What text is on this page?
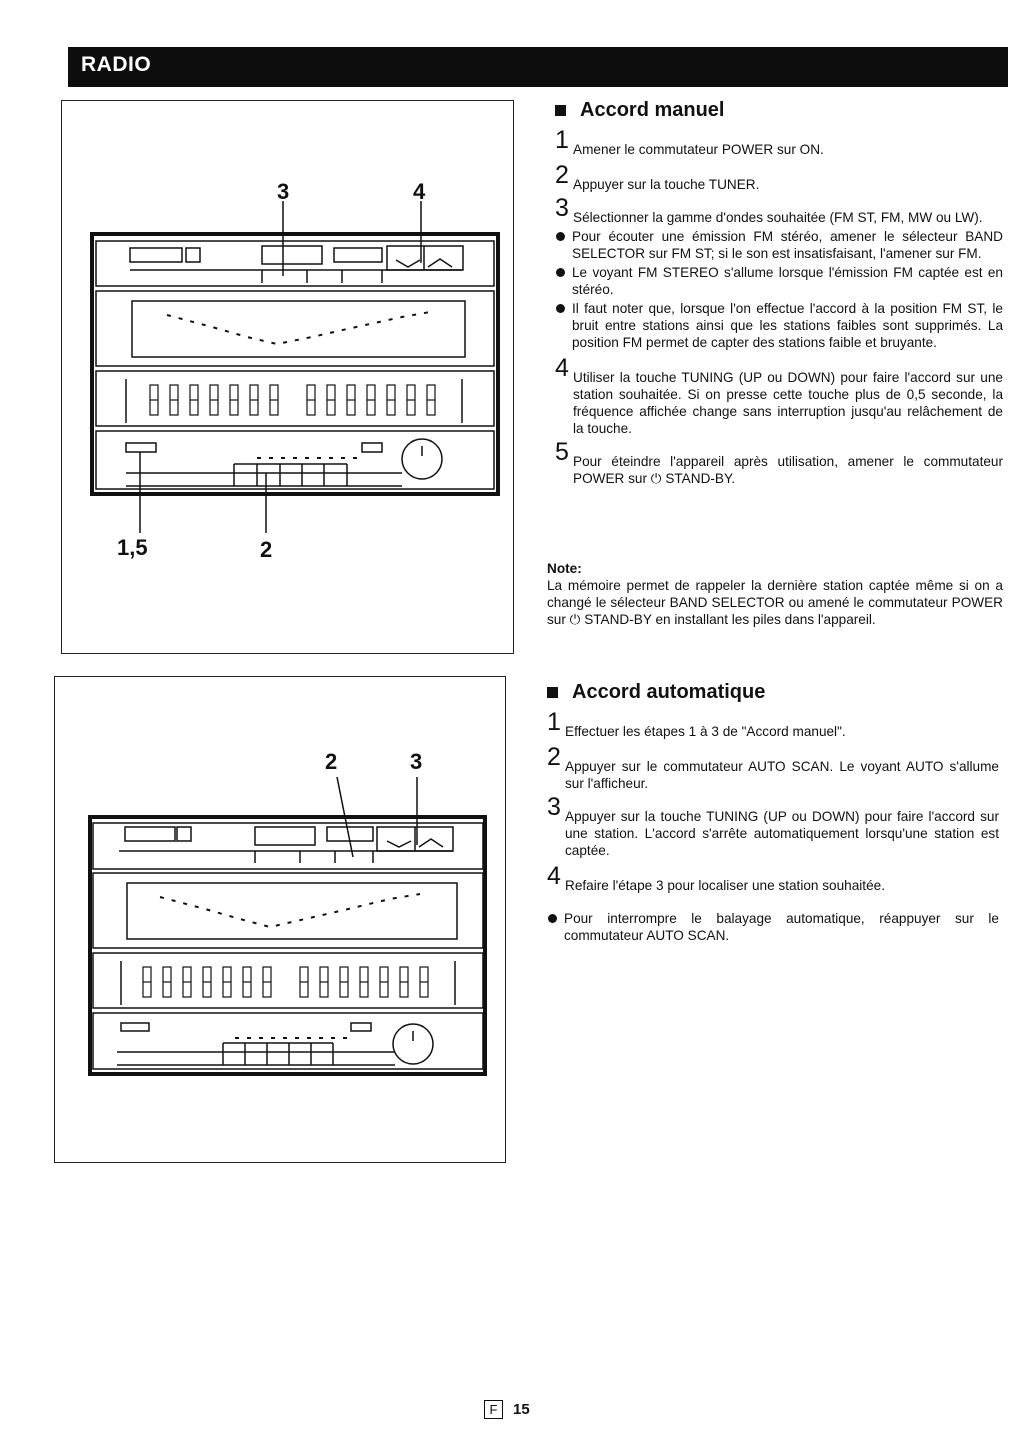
RADIO
3	4
1,5	2
2	3

Accord manuel

1 Amener le commutateur POWER sur ON.

2 Appuyer sur la touche TUNER.

3 Sélectionner la gamme d'ondes souhaitée (FM ST, FM, MW ou LW).

Pour écouter une émission FM stéréo, amener le sélecteur BAND SELECTOR sur FM ST; si le son est insatisfaisant, l'amener sur FM.

Le voyant FM STEREO s'allume lorsque l'émission FM captée est en stéréo.

Il faut noter que, lorsque l'on effectue l'accord à la position FM ST, le bruit entre stations ainsi que les stations faibles sont supprimés. La position FM permet de capter des stations faible et bruyante.

4 Utiliser la touche TUNING (UP ou DOWN) pour faire l'accord sur une station souhaitée. Si on presse cette touche plus de 0,5 seconde, la fréquence affichée change sans interruption jusqu'au relâchement de la touche.

5 Pour éteindre l'appareil après utilisation, amener le commutateur POWER sur ⏻ STAND-BY.

Note:

La mémoire permet de rappeler la dernière station captée même si on a changé le sélecteur BAND SELECTOR ou amené le commutateur POWER sur ⏻ STAND-BY en installant les piles dans l'appareil.

Accord automatique

1 Effectuer les étapes 1 à 3 de "Accord manuel".

2 Appuyer sur le commutateur AUTO SCAN. Le voyant AUTO s'allume sur l'afficheur.

3 Appuyer sur la touche TUNING (UP ou DOWN) pour faire l'accord sur une station. L'accord s'arrête automatiquement lorsqu'une station est captée.

4 Refaire l'étape 3 pour localiser une station souhaitée.

Pour interrompre le balayage automatique, réappuyer sur le commutateur AUTO SCAN.

F	15
